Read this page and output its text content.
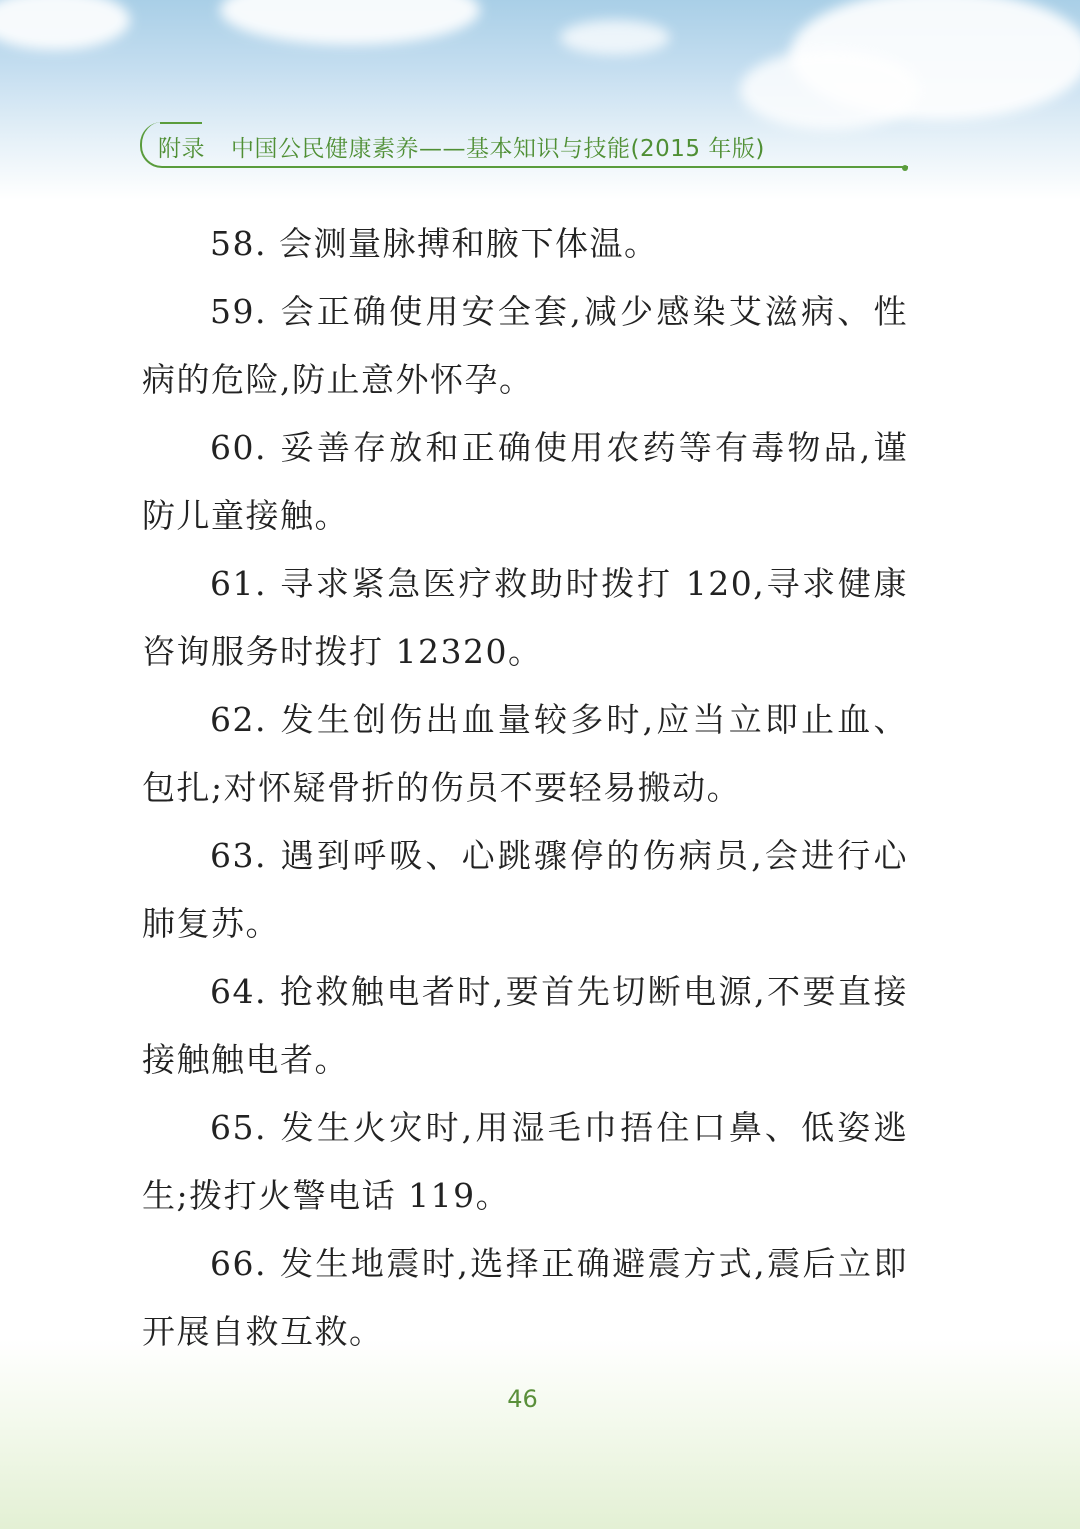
附录 中国公民健康素养——基本知识与技能(2015 年版)

58. 会测量脉搏和腋下体温。

59. 会正确使用安全套,减少感染艾滋病、性病的危险,防止意外怀孕。

60. 妥善存放和正确使用农药等有毒物品,谨防儿童接触。

61. 寻求紧急医疗救助时拨打 120,寻求健康咨询服务时拨打 12320。

62. 发生创伤出血量较多时,应当立即止血、包扎;对怀疑骨折的伤员不要轻易搬动。

63. 遇到呼吸、心跳骤停的伤病员,会进行心肺复苏。

64. 抢救触电者时,要首先切断电源,不要直接接触触电者。

65. 发生火灾时,用湿毛巾捂住口鼻、低姿逃生;拨打火警电话 119。

66. 发生地震时,选择正确避震方式,震后立即开展自救互救。

46
